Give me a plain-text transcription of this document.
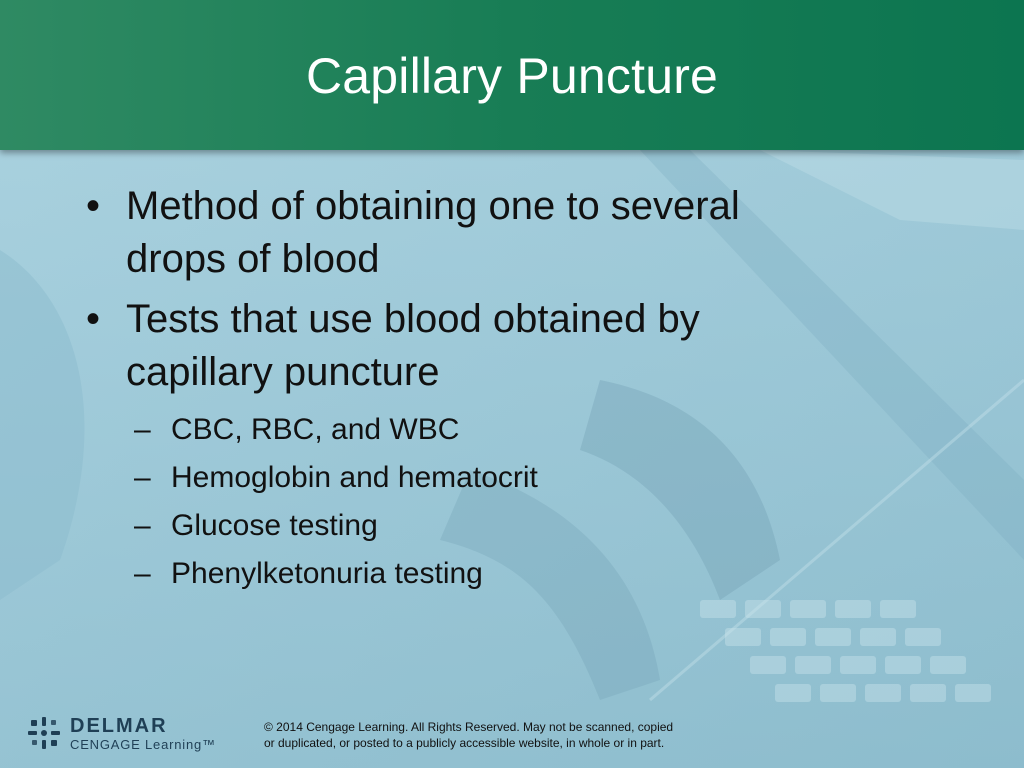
Capillary Puncture
• Method of obtaining one to several
drops of blood
• Tests that use blood obtained by
capillary puncture
– CBC, RBC, and WBC
– Hemoglobin and hematocrit
– Glucose testing
– Phenylketonuria testing
DELMAR
CENGAGE Learning™
© 2014 Cengage Learning. All Rights Reserved. May not be scanned, copied
or duplicated, or posted to a publicly accessible website, in whole or in part.
